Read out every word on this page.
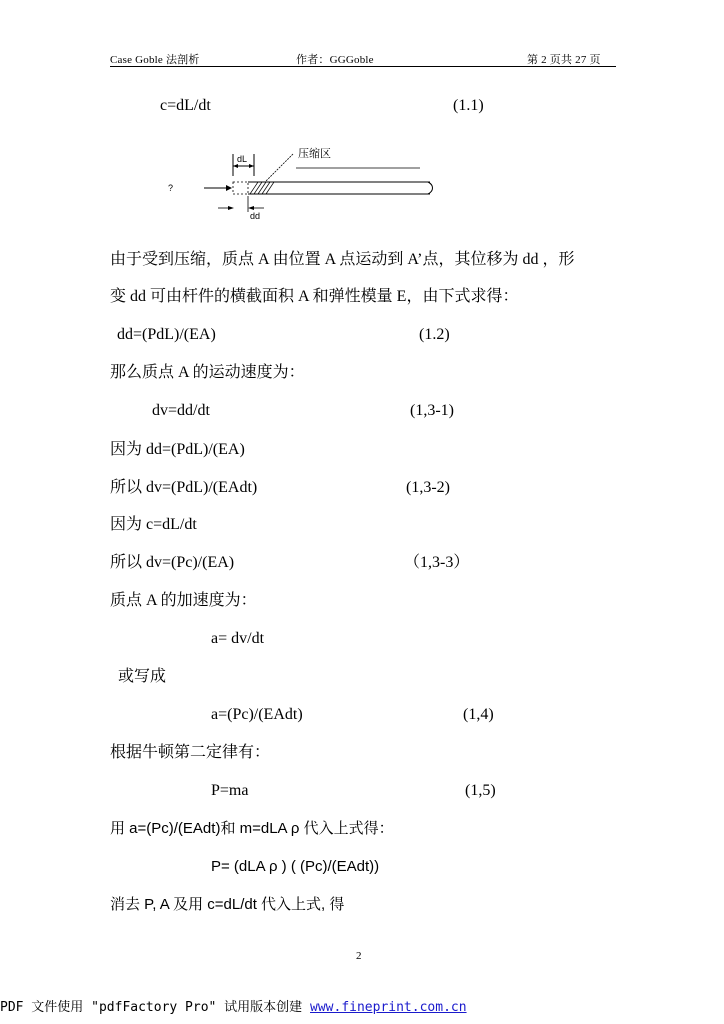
Case Goble 法剖析	作者：GGGoble	第 2 页共 27 页
c=dL/dt	(1.1)
dL	压缩区
?
dd
由于受到压缩，质点 A 由位置 A 点运动到 A’点，其位移为 dd ，形
变 dd 可由杆件的横截面积 A 和弹性模量 E，由下式求得：
dd=(PdL)/(EA)	(1.2)
那么质点 A 的运动速度为：
dv=dd/dt	(1,3-1)
因为 dd=(PdL)/(EA)
所以 dv=(PdL)/(EAdt)	(1,3-2)
因为 c=dL/dt
所以 dv=(Pc)/(EA)	（1,3-3）
质点 A 的加速度为：
a= dv/dt
或写成
a=(Pc)/(EAdt)	(1,4)
根据牛顿第二定律有：
P=ma	(1,5)
用 a=(Pc)/(EAdt)和 m=dLA ρ 代入上式得：
P= (dLA ρ ) ( (Pc)/(EAdt))
消去 P, A 及用 c=dL/dt 代入上式, 得
2
PDF 文件使用 "pdfFactory Pro" 试用版本创建 www.fineprint.com.cn
